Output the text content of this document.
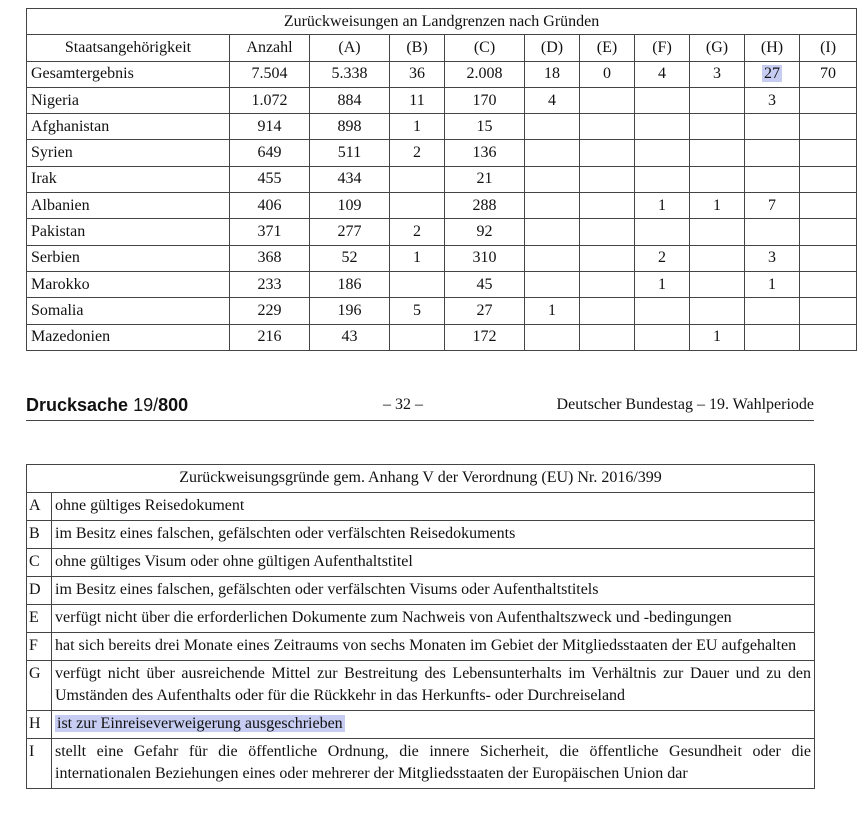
Zurückweisungen an Landgrenzen nach Gründen										
Staatsangehörigkeit	Anzahl	(A)	(B)	(C)	(D)	(E)	(F)	(G)	(H)	(I)
Gesamtergebnis	7.504	5.338	36	2.008	18	0	4	3	27	70
Nigeria	1.072	884	11	170	4				3	
Afghanistan	914	898	1	15						
Syrien	649	511	2	136						
Irak	455	434		21						
Albanien	406	109		288			1	1	7	
Pakistan	371	277	2	92						
Serbien	368	52	1	310			2		3	
Marokko	233	186		45			1		1	
Somalia	229	196	5	27	1					
Mazedonien	216	43		172				1		
Drucksache 19/800	– 32 –	Deutscher Bundestag – 19. Wahlperiode
Zurückweisungsgründe gem. Anhang V der Verordnung (EU) Nr. 2016/399	
A	ohne gültiges Reisedokument
B	im Besitz eines falschen, gefälschten oder verfälschten Reisedokuments
C	ohne gültiges Visum oder ohne gültigen Aufenthaltstitel
D	im Besitz eines falschen, gefälschten oder verfälschten Visums oder Aufenthaltstitels
E	verfügt nicht über die erforderlichen Dokumente zum Nachweis von Aufenthaltszweck und -bedingungen
F	hat sich bereits drei Monate eines Zeitraums von sechs Monaten im Gebiet der Mitgliedsstaaten der EU aufgehalten
G	verfügt nicht über ausreichende Mittel zur Bestreitung des Lebensunterhalts im Verhältnis zur Dauer und zu den Umständen des Aufenthalts oder für die Rückkehr in das Herkunfts- oder Durchreiseland
H	ist zur Einreiseverweigerung ausgeschrieben
I	stellt eine Gefahr für die öffentliche Ordnung, die innere Sicherheit, die öffentliche Gesundheit oder die internationalen Beziehungen eines oder mehrerer der Mitgliedsstaaten der Europäischen Union dar
